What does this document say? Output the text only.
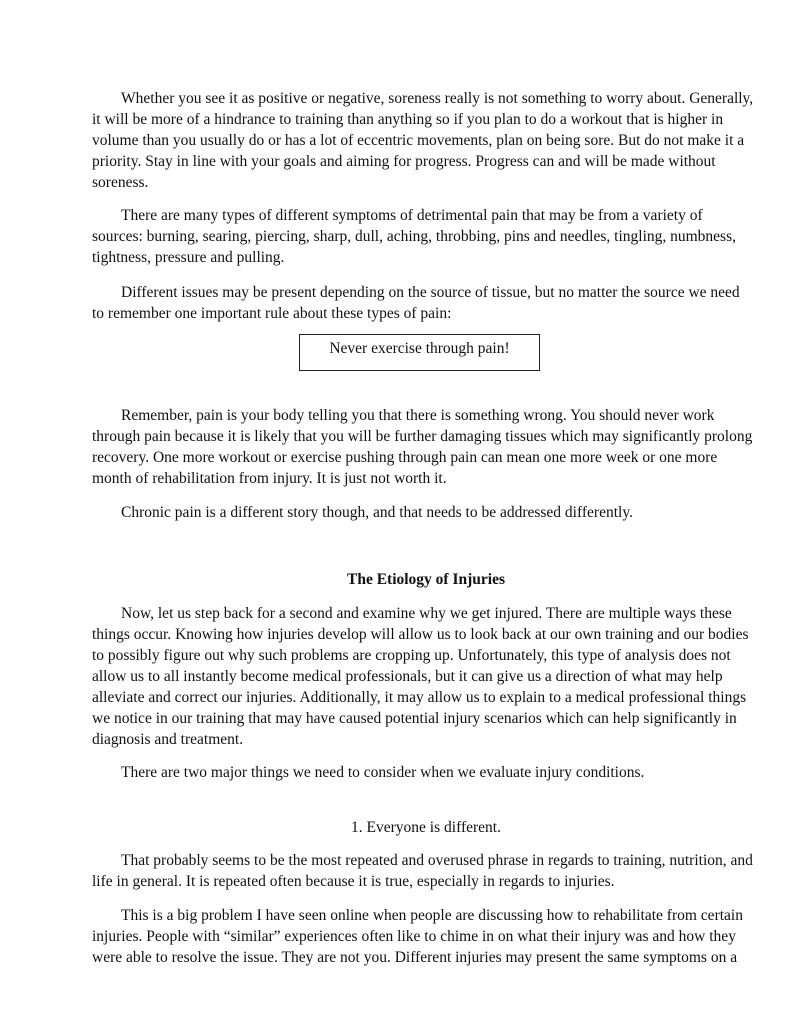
Whether you see it as positive or negative, soreness really is not something to worry about. Generally,
it will be more of a hindrance to training than anything so if you plan to do a workout that is higher in
volume than you usually do or has a lot of eccentric movements, plan on being sore. But do not make it a
priority. Stay in line with your goals and aiming for progress. Progress can and will be made without
soreness.

There are many types of different symptoms of detrimental pain that may be from a variety of
sources: burning, searing, piercing, sharp, dull, aching, throbbing, pins and needles, tingling, numbness,
tightness, pressure and pulling.

Different issues may be present depending on the source of tissue, but no matter the source we need
to remember one important rule about these types of pain:

Never exercise through pain!

Remember, pain is your body telling you that there is something wrong. You should never work
through pain because it is likely that you will be further damaging tissues which may significantly prolong
recovery. One more workout or exercise pushing through pain can mean one more week or one more
month of rehabilitation from injury. It is just not worth it.

Chronic pain is a different story though, and that needs to be addressed differently.

The Etiology of Injuries

Now, let us step back for a second and examine why we get injured. There are multiple ways these
things occur. Knowing how injuries develop will allow us to look back at our own training and our bodies
to possibly figure out why such problems are cropping up. Unfortunately, this type of analysis does not
allow us to all instantly become medical professionals, but it can give us a direction of what may help
alleviate and correct our injuries. Additionally, it may allow us to explain to a medical professional things
we notice in our training that may have caused potential injury scenarios which can help significantly in
diagnosis and treatment.

There are two major things we need to consider when we evaluate injury conditions.

1. Everyone is different.

That probably seems to be the most repeated and overused phrase in regards to training, nutrition, and
life in general. It is repeated often because it is true, especially in regards to injuries.

This is a big problem I have seen online when people are discussing how to rehabilitate from certain
injuries. People with “similar” experiences often like to chime in on what their injury was and how they
were able to resolve the issue. They are not you. Different injuries may present the same symptoms on a
